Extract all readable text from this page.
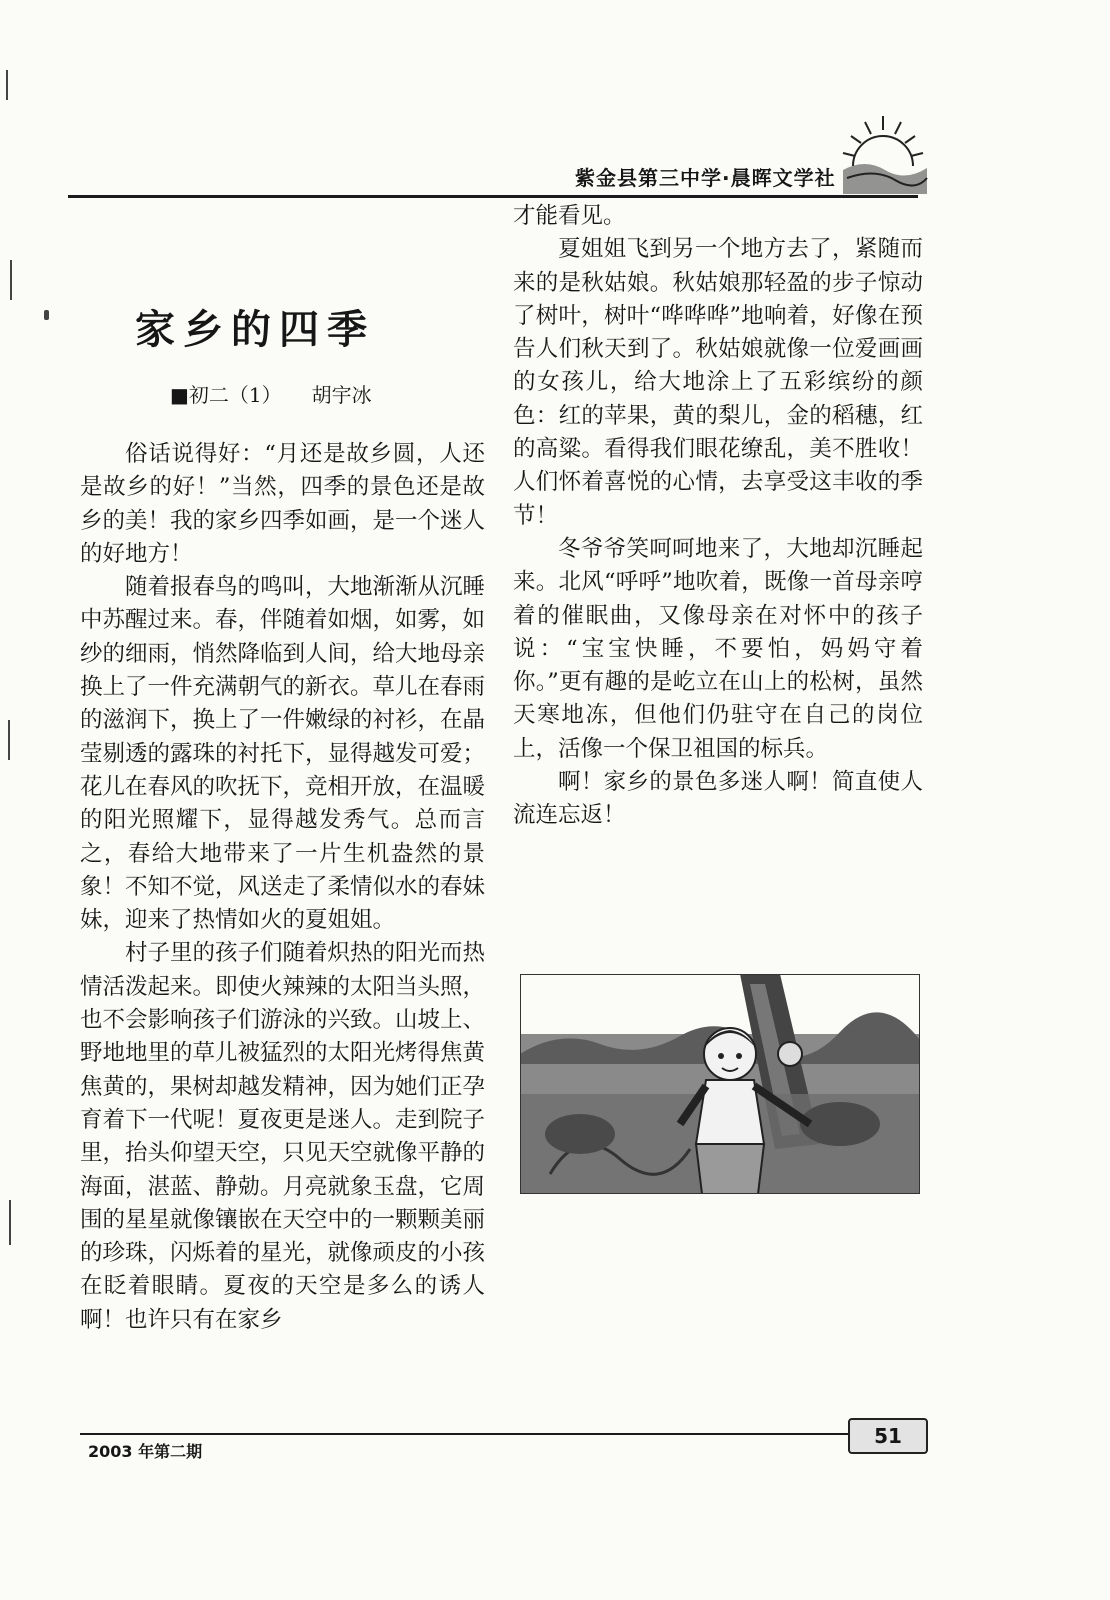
紫金县第三中学·晨晖文学社
家乡的四季
■初二（1） 胡宇冰

俗话说得好：“月还是故乡圆，人还是故乡的好！”当然，四季的景色还是故乡的美！我的家乡四季如画，是一个迷人的好地方！

随着报春鸟的鸣叫，大地渐渐从沉睡中苏醒过来。春，伴随着如烟，如雾，如纱的细雨，悄然降临到人间，给大地母亲换上了一件充满朝气的新衣。草儿在春雨的滋润下，换上了一件嫩绿的衬衫，在晶莹剔透的露珠的衬托下，显得越发可爱；花儿在春风的吹抚下，竞相开放，在温暖的阳光照耀下，显得越发秀气。总而言之，春给大地带来了一片生机盎然的景象！不知不觉，风送走了柔情似水的春妹妹，迎来了热情如火的夏姐姐。

村子里的孩子们随着炽热的阳光而热情活泼起来。即使火辣辣的太阳当头照，也不会影响孩子们游泳的兴致。山坡上、野地地里的草儿被猛烈的太阳光烤得焦黄焦黄的，果树却越发精神，因为她们正孕育着下一代呢！夏夜更是迷人。走到院子里，抬头仰望天空，只见天空就像平静的海面，湛蓝、静勀。月亮就象玉盘，它周围的星星就像镶嵌在天空中的一颗颗美丽的珍珠，闪烁着的星光，就像顽皮的小孩在眨着眼睛。夏夜的天空是多么的诱人啊！也许只有在家乡

才能看见。

夏姐姐飞到另一个地方去了，紧随而来的是秋姑娘。秋姑娘那轻盈的步子惊动了树叶，树叶“哗哗哗”地响着，好像在预告人们秋天到了。秋姑娘就像一位爱画画的女孩儿，给大地涂上了五彩缤纷的颜色：红的苹果，黄的梨儿，金的稻穗，红的高粱。看得我们眼花缭乱，美不胜收！人们怀着喜悦的心情，去享受这丰收的季节！

冬爷爷笑呵呵地来了，大地却沉睡起来。北风“呼呼”地吹着，既像一首母亲哼着的催眠曲，又像母亲在对怀中的孩子说：“宝宝快睡，不要怕，妈妈守着你。”更有趣的是屹立在山上的松树，虽然天寒地冻，但他们仍驻守在自己的岗位上，活像一个保卫祖国的标兵。

啊！家乡的景色多迷人啊！简直使人流连忘返！

2003 年第二期
51
